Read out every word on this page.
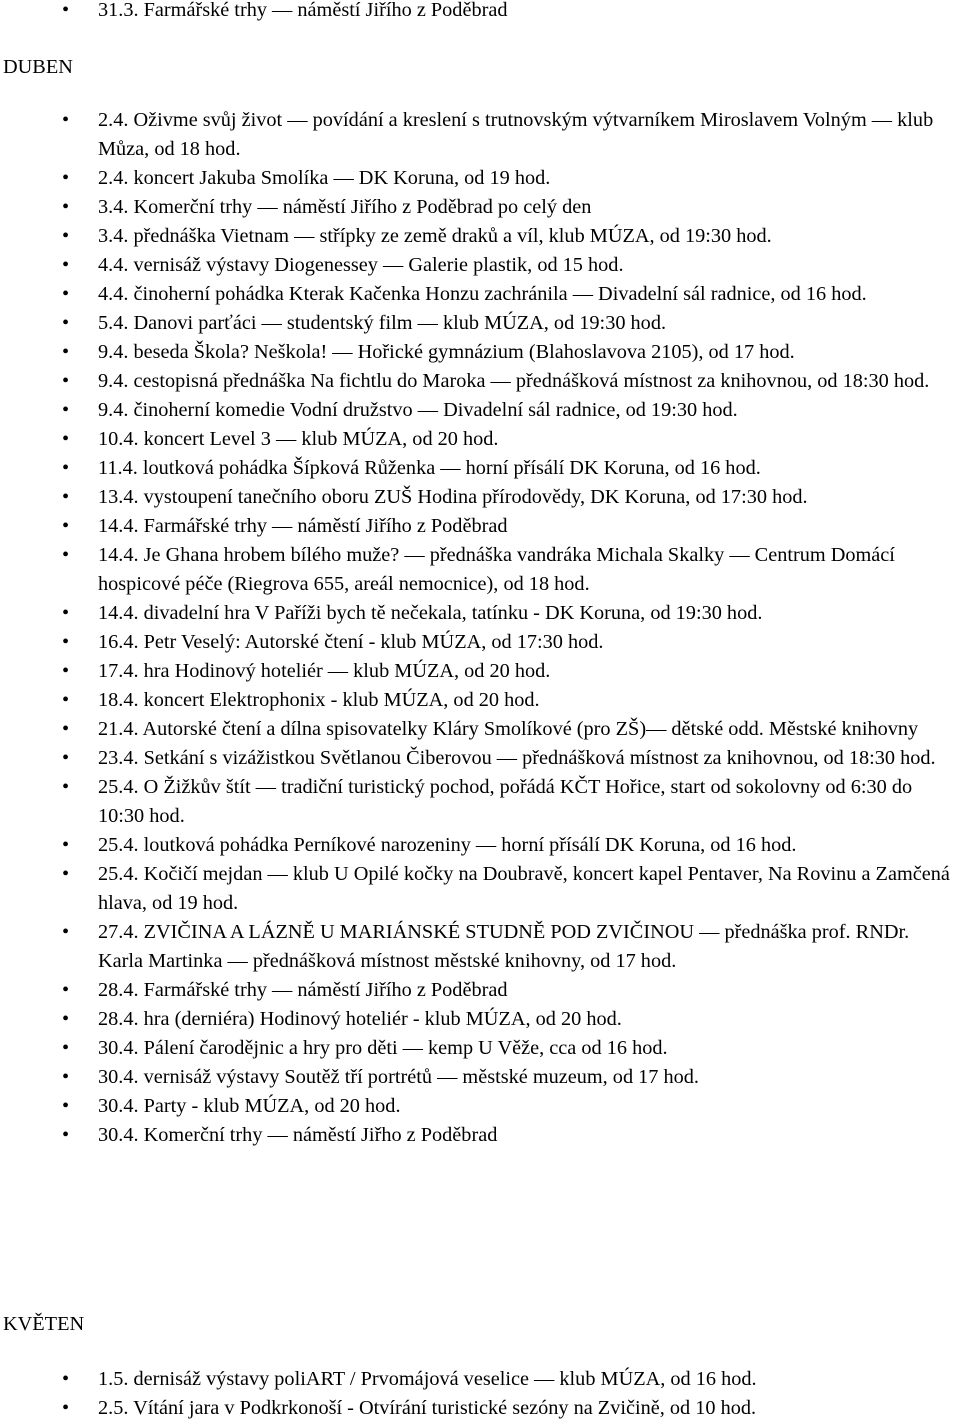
• 31.3. Farmářské trhy — náměstí Jiřího z Poděbrad
DUBEN
• 2.4. Oživme svůj život — povídání a kreslení s trutnovským výtvarníkem Miroslavem Volným — klub Můza, od 18 hod.
• 2.4. koncert Jakuba Smolíka — DK Koruna, od 19 hod.
• 3.4. Komerční trhy — náměstí Jiřího z Poděbrad po celý den
• 3.4. přednáška Vietnam — střípky ze země draků a víl, klub MÚZA, od 19:30 hod.
• 4.4. vernisáž výstavy Diogenessey — Galerie plastik, od 15 hod.
• 4.4. činoherní pohádka Kterak Kačenka Honzu zachránila — Divadelní sál radnice, od 16 hod.
• 5.4. Danovi parťáci — studentský film — klub MÚZA, od 19:30 hod.
• 9.4. beseda Škola? Neškola! — Hořické gymnázium (Blahoslavova 2105), od 17 hod.
• 9.4. cestopisná přednáška Na fichtlu do Maroka — přednášková místnost za knihovnou, od 18:30 hod.
• 9.4. činoherní komedie Vodní družstvo — Divadelní sál radnice, od 19:30 hod.
• 10.4. koncert Level 3 — klub MÚZA, od 20 hod.
• 11.4. loutková pohádka Šípková Růženka — horní přísálí DK Koruna, od 16 hod.
• 13.4. vystoupení tanečního oboru ZUŠ Hodina přírodovědy, DK Koruna, od 17:30 hod.
• 14.4. Farmářské trhy — náměstí Jiřího z Poděbrad
• 14.4. Je Ghana hrobem bílého muže? — přednáška vandráka Michala Skalky — Centrum Domácí hospicové péče (Riegrova 655, areál nemocnice), od 18 hod.
• 14.4. divadelní hra V Paříži bych tě nečekala, tatínku - DK Koruna, od 19:30 hod.
• 16.4. Petr Veselý: Autorské čtení - klub MÚZA, od 17:30 hod.
• 17.4. hra Hodinový hoteliér — klub MÚZA, od 20 hod.
• 18.4. koncert Elektrophonix - klub MÚZA, od 20 hod.
• 21.4. Autorské čtení a dílna spisovatelky Kláry Smolíkové (pro ZŠ)— dětské odd. Městské knihovny
• 23.4. Setkání s vizážistkou Světlanou Čiberovou — přednášková místnost za knihovnou, od 18:30 hod.
• 25.4. O Žižkův štít — tradiční turistický pochod, pořádá KČT Hořice, start od sokolovny od 6:30 do 10:30 hod.
• 25.4. loutková pohádka Perníkové narozeniny — horní přísálí DK Koruna, od 16 hod.
• 25.4. Kočičí mejdan — klub U Opilé kočky na Doubravě, koncert kapel Pentaver, Na Rovinu a Zamčená hlava, od 19 hod.
• 27.4. ZVIČINA A LÁZNĚ U MARIÁNSKÉ STUDNĚ POD ZVIČINOU — přednáška prof. RNDr. Karla Martinka — přednášková místnost městské knihovny, od 17 hod.
• 28.4. Farmářské trhy — náměstí Jiřího z Poděbrad
• 28.4. hra (derniéra) Hodinový hoteliér - klub MÚZA, od 20 hod.
• 30.4. Pálení čarodějnic a hry pro děti — kemp U Věže, cca od 16 hod.
• 30.4. vernisáž výstavy Soutěž tří portrétů — městské muzeum, od 17 hod.
• 30.4. Party - klub MÚZA, od 20 hod.
• 30.4. Komerční trhy — náměstí Jiřho z Poděbrad
KVĚTEN
• 1.5. dernisáž výstavy poliART / Prvomájová veselice — klub MÚZA, od 16 hod.
• 2.5. Vítání jara v Podkrkonoší - Otvírání turistické sezóny na Zvičině, od 10 hod.
